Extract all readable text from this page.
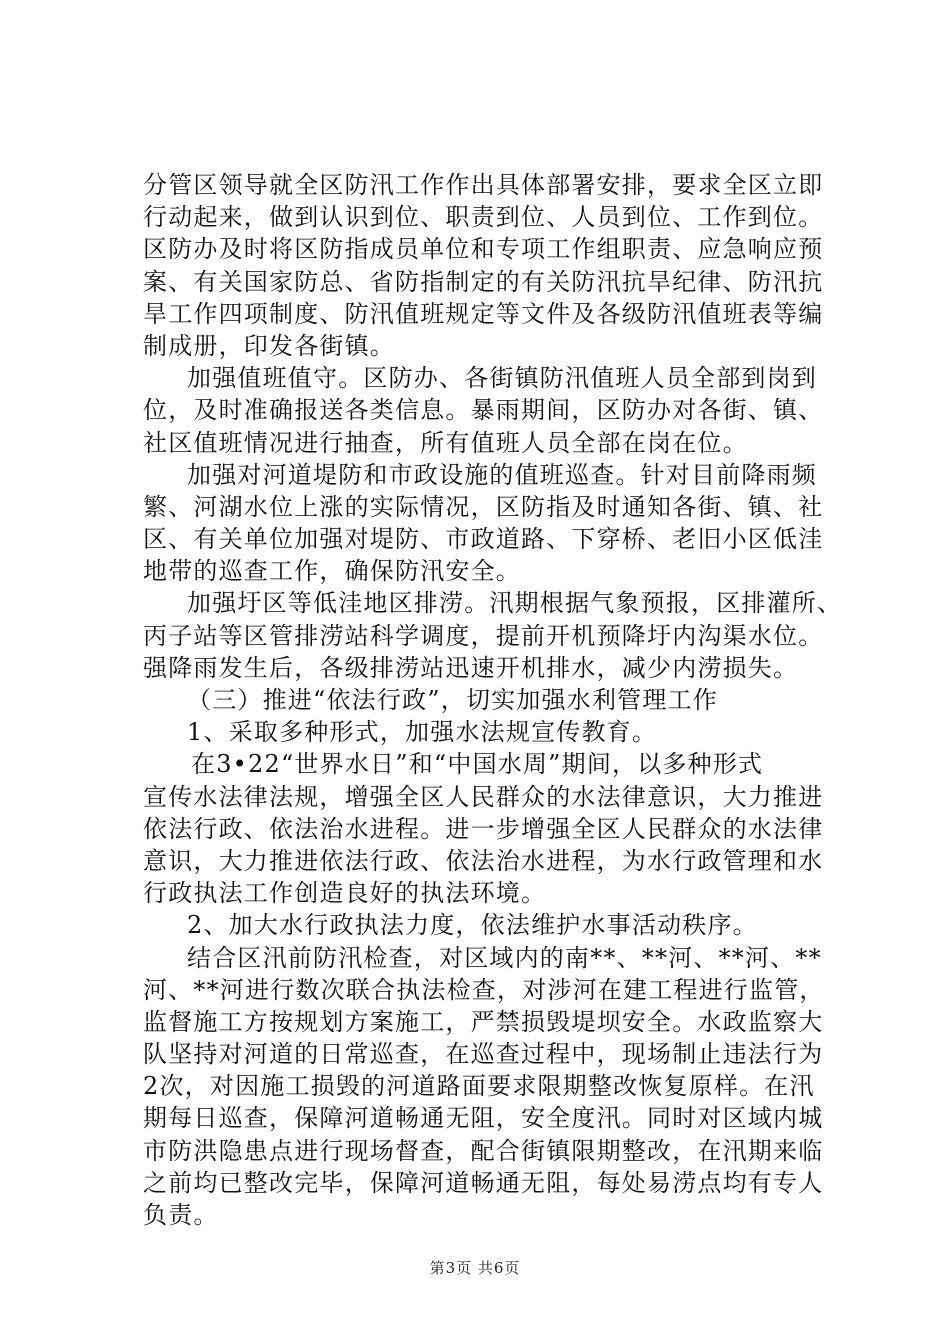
分管区领导就全区防汛工作作出具体部署安排，要求全区立即
行动起来，做到认识到位、职责到位、人员到位、工作到位。
区防办及时将区防指成员单位和专项工作组职责、应急响应预
案、有关国家防总、省防指制定的有关防汛抗旱纪律、防汛抗
旱工作四项制度、防汛值班规定等文件及各级防汛值班表等编
制成册，印发各街镇。
加强值班值守。区防办、各街镇防汛值班人员全部到岗到
位，及时准确报送各类信息。暴雨期间，区防办对各街、镇、
社区值班情况进行抽查，所有值班人员全部在岗在位。
加强对河道堤防和市政设施的值班巡查。针对目前降雨频
繁、河湖水位上涨的实际情况，区防指及时通知各街、镇、社
区、有关单位加强对堤防、市政道路、下穿桥、老旧小区低洼
地带的巡查工作，确保防汛安全。
加强圩区等低洼地区排涝。汛期根据气象预报，区排灌所、
丙子站等区管排涝站科学调度，提前开机预降圩内沟渠水位。
强降雨发生后，各级排涝站迅速开机排水，减少内涝损失。
（三）推进“依法行政”，切实加强水利管理工作
1、采取多种形式，加强水法规宣传教育。
在3•22“世界水日”和“中国水周”期间，以多种形式
宣传水法律法规，增强全区人民群众的水法律意识，大力推进
依法行政、依法治水进程。进一步增强全区人民群众的水法律
意识，大力推进依法行政、依法治水进程，为水行政管理和水
行政执法工作创造良好的执法环境。
2、加大水行政执法力度，依法维护水事活动秩序。
结合区汛前防汛检查，对区域内的南**、**河、**河、**
河、**河进行数次联合执法检查，对涉河在建工程进行监管，
监督施工方按规划方案施工，严禁损毁堤坝安全。水政监察大
队坚持对河道的日常巡查，在巡查过程中，现场制止违法行为
2次，对因施工损毁的河道路面要求限期整改恢复原样。在汛
期每日巡查，保障河道畅通无阻，安全度汛。同时对区域内城
市防洪隐患点进行现场督查，配合街镇限期整改，在汛期来临
之前均已整改完毕，保障河道畅通无阻，每处易涝点均有专人
负责。
第3页 共6页
